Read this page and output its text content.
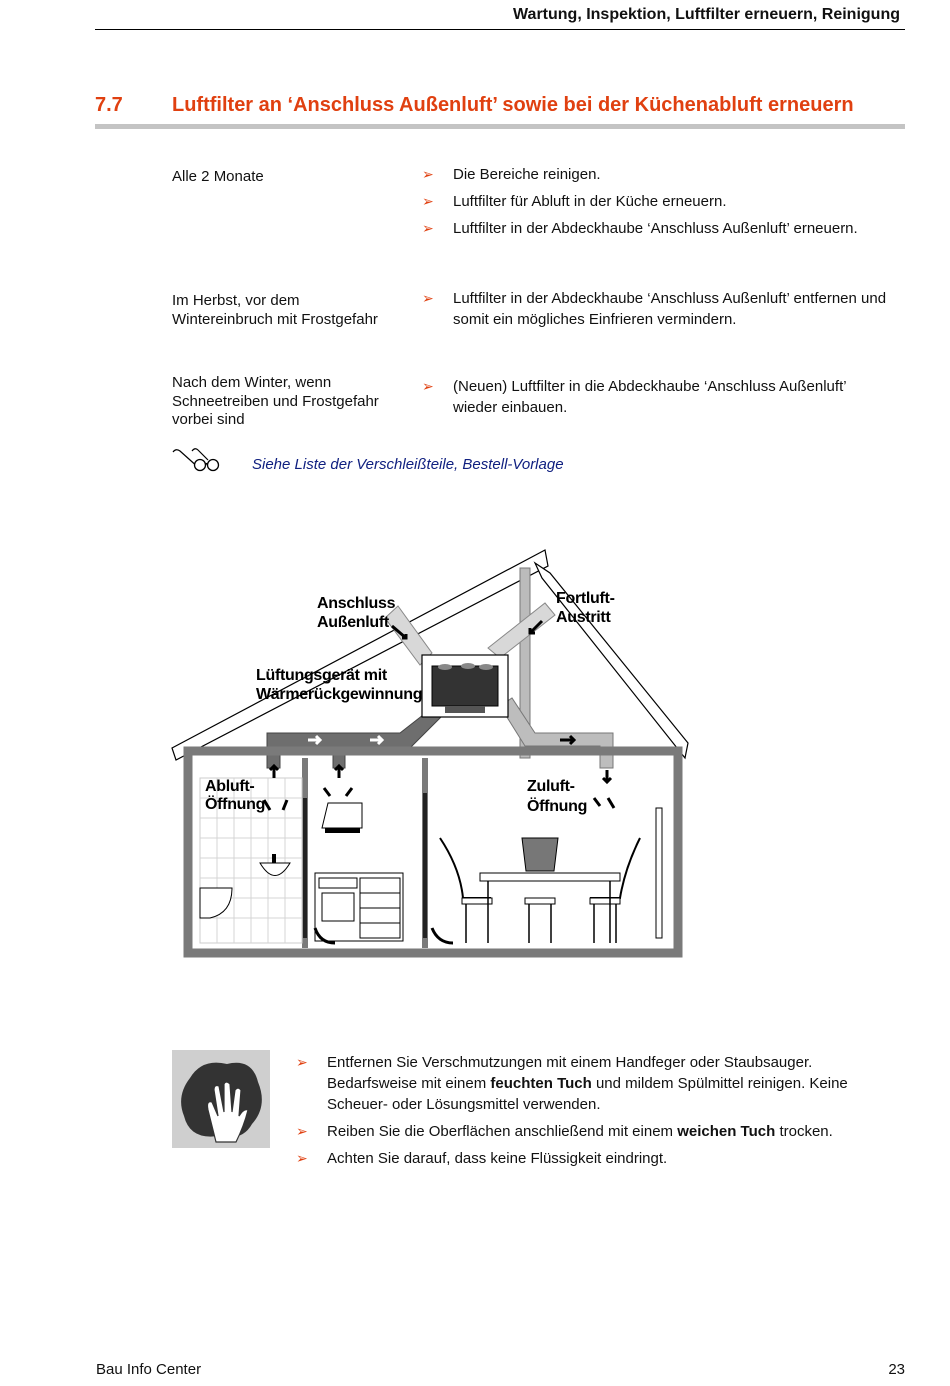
Wartung, Inspektion, Luftfilter erneuern, Reinigung
7.7 Luftfilter an ‘Anschluss Außenluft’ sowie bei der Küchenabluft erneuern
Alle 2 Monate	➢ Die Bereiche reinigen.
➢ Luftfilter für Abluft in der Küche erneuern.
➢ Luftfilter in der Abdeckhaube ‘Anschluss Außenluft’ erneuern.
Im Herbst, vor dem Wintereinbruch mit Frostgefahr
➢ Luftfilter in der Abdeckhaube ‘Anschluss Außenluft’ entfernen und somit ein mögliches Einfrieren vermindern.
Nach dem Winter, wenn Schneetreiben und Frostgefahr vorbei sind
➢ (Neuen) Luftfilter in die Abdeckhaube ‘Anschluss Außenluft’ wieder einbauen.
Siehe Liste der Verschleißteile, Bestell-Vorlage
Anschluss
Außenluft
Fortluft-
Austritt
Lüftungsgerät mit
Wärmerückgewinnung
Abluft-
Öffnung
Zuluft-
Öffnung
➢ Entfernen Sie Verschmutzungen mit einem Handfeger oder Staubsauger. Bedarfsweise mit einem feuchten Tuch und mildem Spülmittel reinigen. Keine Scheuer- oder Lösungsmittel verwenden.
➢ Reiben Sie die Oberflächen anschließend mit einem weichen Tuch trocken.
➢ Achten Sie darauf, dass keine Flüssigkeit eindringt.
Bau Info Center	23
